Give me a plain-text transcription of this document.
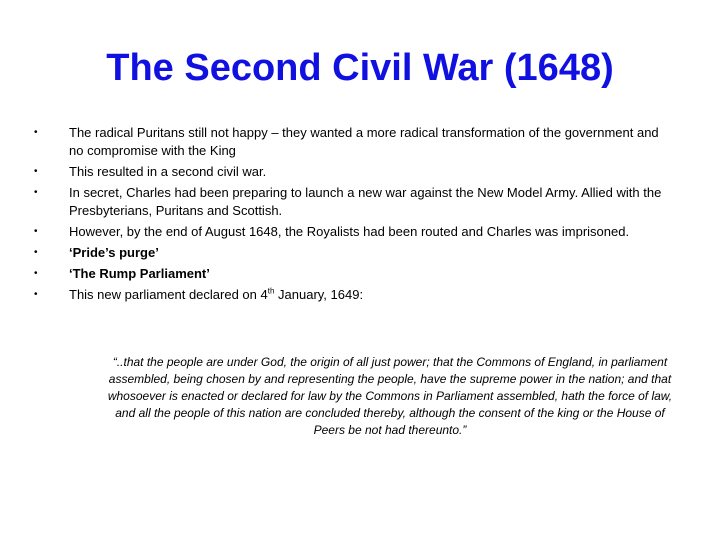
The Second Civil War (1648)
•	The radical Puritans still not happy – they wanted a more radical transformation of the government and no compromise with the King
•	This resulted in a second civil war.
•	In secret, Charles had been preparing to launch a new war against the New Model Army. Allied with the Presbyterians, Puritans and Scottish.
•	However, by the end of August 1648, the Royalists had been routed and Charles was imprisoned.
•	‘Pride’s purge’
•	‘The Rump Parliament’
•	This new parliament declared on 4th January, 1649:
“..that the people are under God, the origin of all just power; that the Commons of England, in parliament assembled, being chosen by and representing the people, have the supreme power in the nation; and that whosoever is enacted or declared for law by the Commons in Parliament assembled, hath the force of law, and all the people of this nation are concluded thereby, although the consent of the king or the House of Peers be not had thereunto.”
